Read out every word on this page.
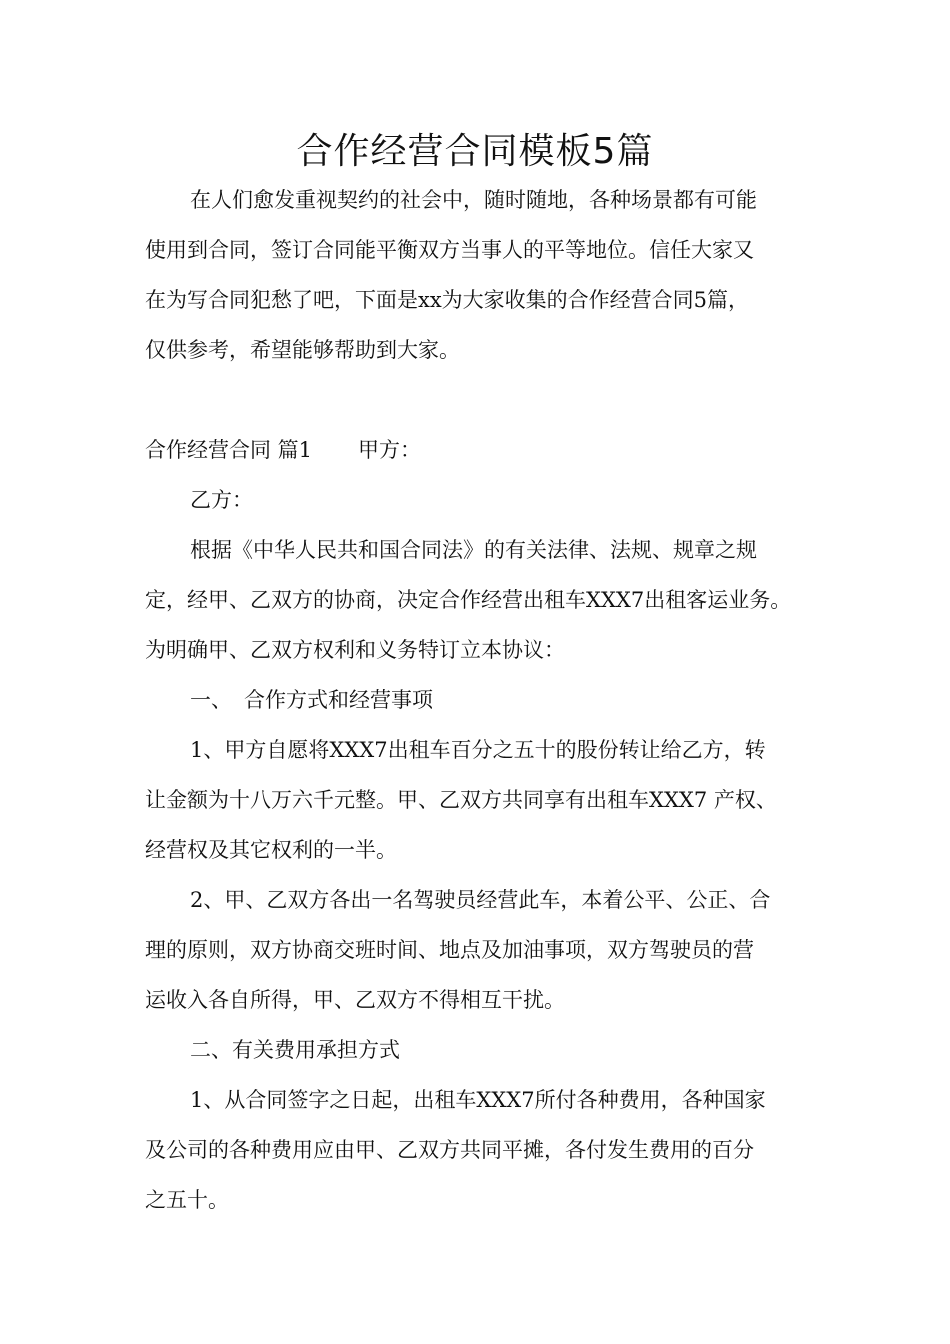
合作经营合同模板5篇

在人们愈发重视契约的社会中，随时随地，各种场景都有可能

使用到合同，签订合同能平衡双方当事人的平等地位。信任大家又

在为写合同犯愁了吧，下面是xx为大家收集的合作经营合同5篇，

仅供参考，希望能够帮助到大家。

合作经营合同 篇1 甲方：

乙方：

根据《中华人民共和国合同法》的有关法律、法规、规章之规

定，经甲、乙双方的协商，决定合作经营出租车XXX7出租客运业务。

为明确甲、乙双方权利和义务特订立本协议：

一、 合作方式和经营事项

1、甲方自愿将XXX7出租车百分之五十的股份转让给乙方，转

让金额为十八万六千元整。甲、乙双方共同享有出租车XXX7 产权、

经营权及其它权利的一半。

2、甲、乙双方各出一名驾驶员经营此车，本着公平、公正、合

理的原则，双方协商交班时间、地点及加油事项，双方驾驶员的营

运收入各自所得，甲、乙双方不得相互干扰。

二、有关费用承担方式

1、从合同签字之日起，出租车XXX7所付各种费用，各种国家

及公司的各种费用应由甲、乙双方共同平摊，各付发生费用的百分

之五十。
